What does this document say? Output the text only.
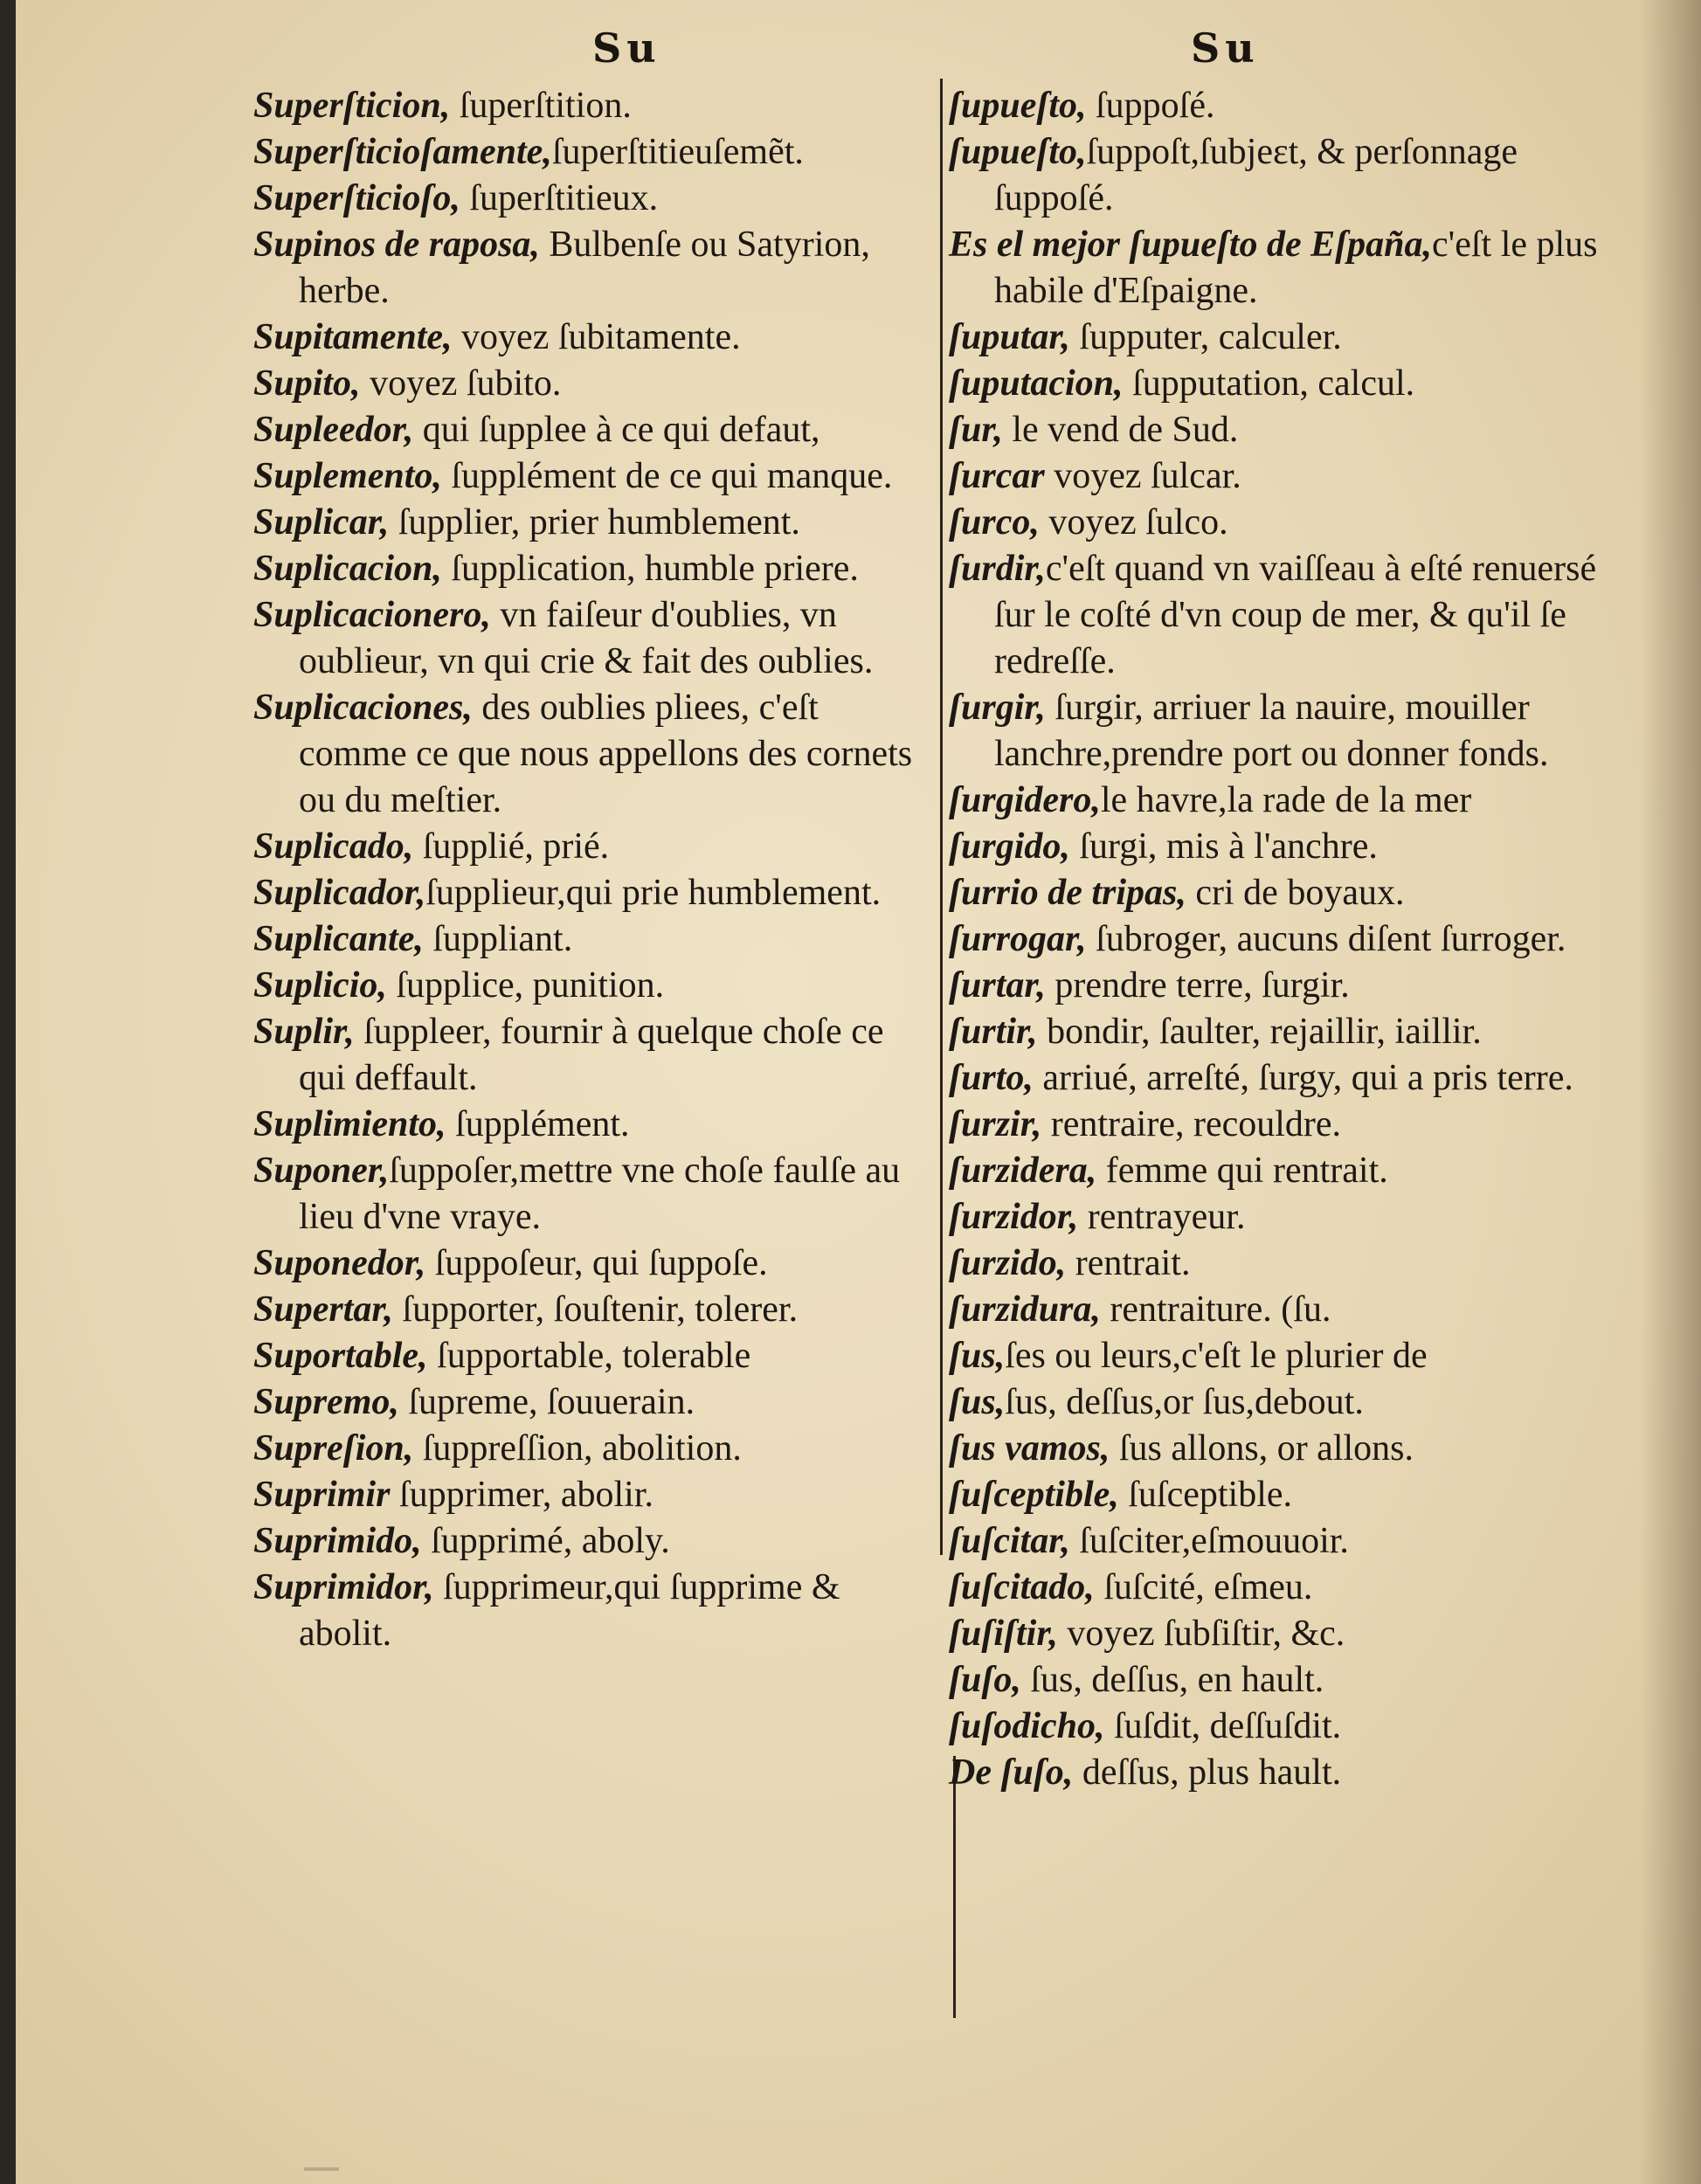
Su	Su
Superſticion, ſuperſtition.
Superſticioſamente,ſuperſtitieuſemẽt.
Superſticioſo, ſuperſtitieux.
Supinos de raposa, Bulbenſe ou Satyrion, herbe.
Supitamente, voyez ſubitamente.
Supito, voyez ſubito.
Supleedor, qui ſupplee à ce qui defaut,
Suplemento, ſupplément de ce qui manque.
Suplicar, ſupplier, prier humblement.
Suplicacion, ſupplication, humble priere.
Suplicacionero, vn faiſeur d'oublies, vn oublieur, vn qui crie & fait des oublies.
Suplicaciones, des oublies pliees, c'eſt comme ce que nous appellons des cornets ou du meſtier.
Suplicado, ſupplié, prié.
Suplicador,ſupplieur,qui prie humblement.
Suplicante, ſuppliant.
Suplicio, ſupplice, punition.
Suplir, ſuppleer, fournir à quelque choſe ce qui deffault.
Suplimiento, ſupplément.
Suponer,ſuppoſer,mettre vne choſe faulſe au lieu d'vne vraye.
Suponedor, ſuppoſeur, qui ſuppoſe.
Supertar, ſupporter, ſouſtenir, tolerer.
Suportable, ſupportable, tolerable
Supremo, ſupreme, ſouuerain.
Supreſion, ſuppreſſion, abolition.
Suprimir ſupprimer, abolir.
Suprimido, ſupprimé, aboly.
Suprimidor, ſupprimeur,qui ſupprime & abolit.
ſupueſto, ſuppoſé.
ſupueſto,ſuppoſt,ſubjeɛt, & perſonnage ſuppoſé.
Es el mejor ſupueſto de Eſpaña,c'eſt le plus habile d'Eſpaigne.
ſuputar, ſupputer, calculer.
ſuputacion, ſupputation, calcul.
ſur, le vend de Sud.
ſurcar voyez ſulcar.
ſurco, voyez ſulco.
ſurdir,c'eſt quand vn vaiſſeau à eſté renuersé ſur le coſté d'vn coup de mer, & qu'il ſe redreſſe.
ſurgir, ſurgir, arriuer la nauire, mouiller lanchre,prendre port ou donner fonds.
ſurgidero,le havre,la rade de la mer
ſurgido, ſurgi, mis à l'anchre.
ſurrio de tripas, cri de boyaux.
ſurrogar, ſubroger, aucuns diſent ſurroger.
ſurtar, prendre terre, ſurgir.
ſurtir, bondir, ſaulter, rejaillir, iaillir.
ſurto, arriué, arreſté, ſurgy, qui a pris terre.
ſurzir, rentraire, recouldre.
ſurzidera, femme qui rentrait.
ſurzidor, rentrayeur.
ſurzido, rentrait.
ſurzidura, rentraiture. (ſu.
ſus,ſes ou leurs,c'eſt le plurier de
ſus,ſus, deſſus,or ſus,debout.
ſus vamos, ſus allons, or allons.
ſuſceptible, ſuſceptible.
ſuſcitar, ſuſciter,eſmouuoir.
ſuſcitado, ſuſcité, eſmeu.
ſuſiſtir, voyez ſubſiſtir, &c.
ſuſo, ſus, deſſus, en hault.
ſuſodicho, ſuſdit, deſſuſdit.
De ſuſo, deſſus, plus hault.
